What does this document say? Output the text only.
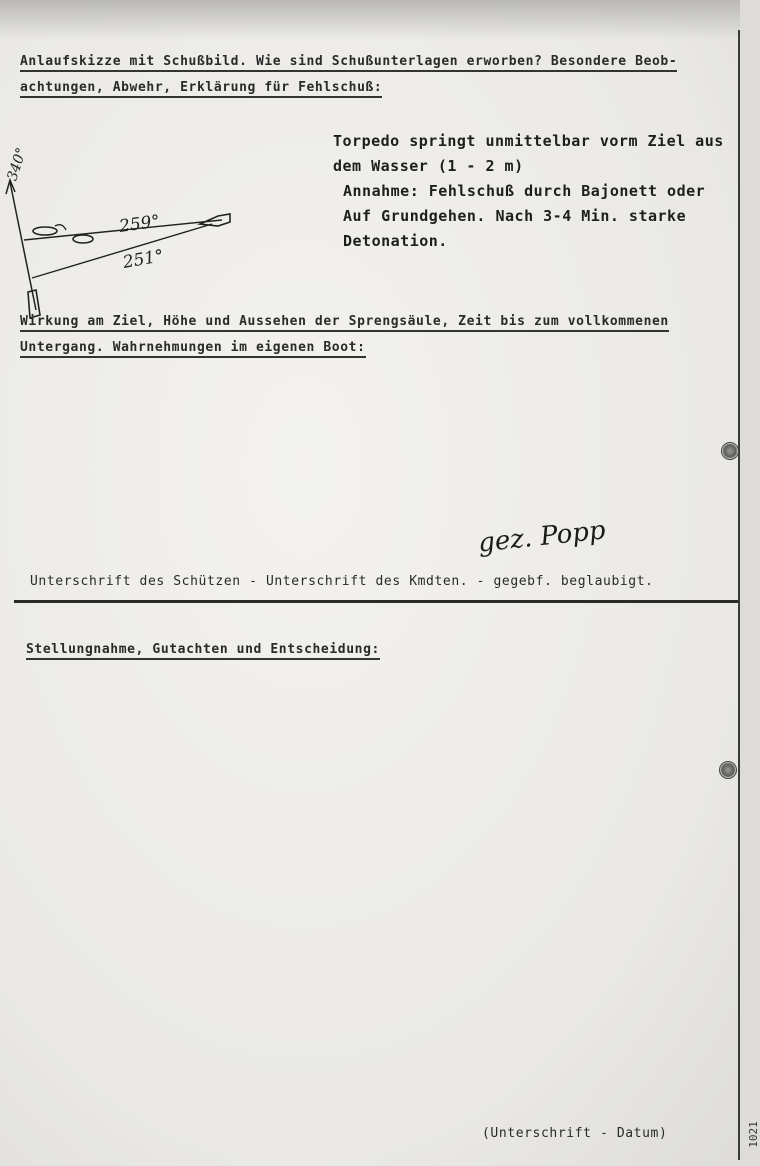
1021
Anlaufskizze mit Schußbild. Wie sind Schußunterlagen erworben? Besondere Beob-
achtungen, Abwehr, Erklärung für Fehlschuß:
340°
259°
251°
Torpedo springt unmittelbar vorm Ziel aus
dem Wasser (1 - 2 m)
Annahme: Fehlschuß durch Bajonett oder
Auf Grundgehen. Nach 3-4 Min. starke
Detonation.
Wirkung am Ziel, Höhe und Aussehen der Sprengsäule, Zeit bis zum vollkommenen
Untergang. Wahrnehmungen im eigenen Boot:
gez. Popp
Unterschrift des Schützen - Unterschrift des Kmdten. - gegebf. beglaubigt.
Stellungnahme, Gutachten und Entscheidung:
(Unterschrift - Datum)
